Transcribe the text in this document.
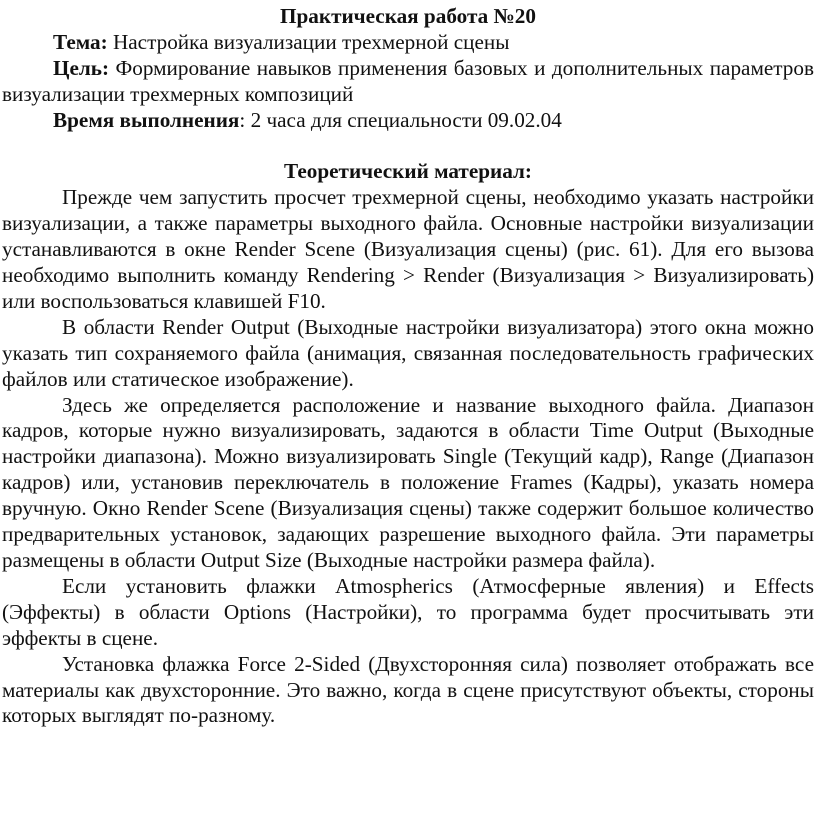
Практическая работа №20

Тема: Настройка визуализации трехмерной сцены

Цель: Формирование навыков применения базовых и дополнительных параметров визуализации трехмерных композиций

Время выполнения: 2 часа для специальности 09.02.04

Теоретический материал:

Прежде чем запустить просчет трехмерной сцены, необходимо указать настройки визуализации, а также параметры выходного файла. Основные настройки визуализации устанавливаются в окне Render Scene (Визуализация сцены) (рис. 61). Для его вызова необходимо выполнить команду Rendering > Render (Визуализация > Визуализировать) или воспользоваться клавишей F10.

В области Render Output (Выходные настройки визуализатора) этого окна можно указать тип сохраняемого файла (анимация, связанная последовательность графических файлов или статическое изображение).

Здесь же определяется расположение и название выходного файла. Диапазон кадров, которые нужно визуализировать, задаются в области Time Output (Выходные настройки диапазона). Можно визуализировать Single (Текущий кадр), Range (Диапазон кадров) или, установив переключатель в положение Frames (Кадры), указать номера вручную. Окно Render Scene (Визуализация сцены) также содержит большое количество предварительных установок, задающих разрешение выходного файла. Эти параметры размещены в области Output Size (Выходные настройки размера файла).

Если установить флажки Atmospherics (Атмосферные явления) и Effects (Эффекты) в области Options (Настройки), то программа будет просчитывать эти эффекты в сцене.

Установка флажка Force 2-Sided (Двухсторонняя сила) позволяет отображать все материалы как двухсторонние. Это важно, когда в сцене присутствуют объекты, стороны которых выглядят по-разному.
